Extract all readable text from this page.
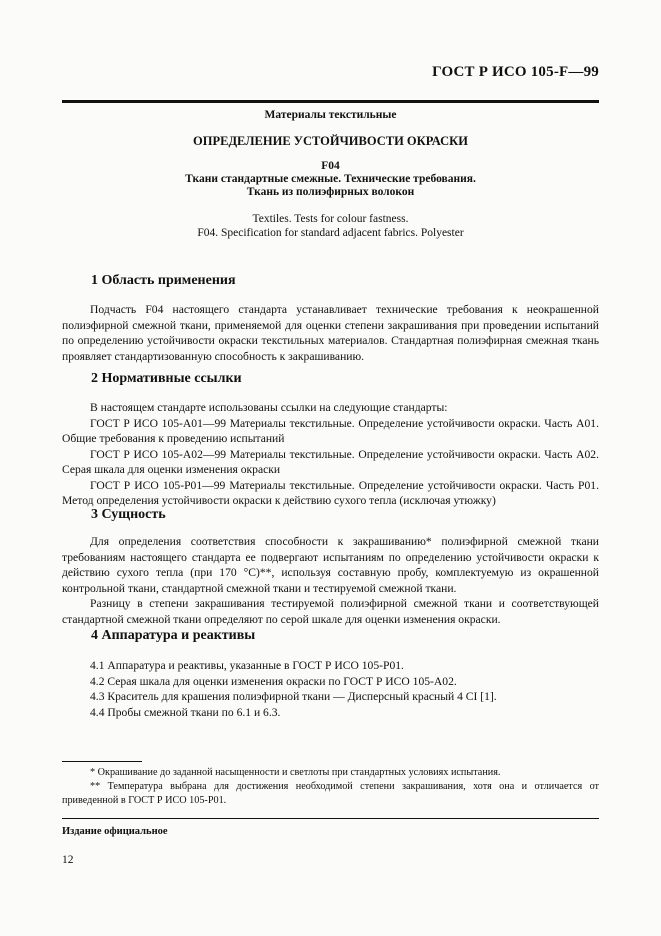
ГОСТ Р ИСО 105-F—99
Материалы текстильные
ОПРЕДЕЛЕНИЕ УСТОЙЧИВОСТИ ОКРАСКИ
F04
Ткани стандартные смежные. Технические требования.
Ткань из полиэфирных волокон
Textiles. Tests for colour fastness.
F04. Specification for standard adjacent fabrics. Polyester
1 Область применения

Подчасть F04 настоящего стандарта устанавливает технические требования к неокрашенной полиэфирной смежной ткани, применяемой для оценки степени закрашивания при проведении испытаний по определению устойчивости окраски текстильных материалов. Стандартная полиэфирная смежная ткань проявляет стандартизованную способность к закрашиванию.

2 Нормативные ссылки

В настоящем стандарте использованы ссылки на следующие стандарты:

ГОСТ Р ИСО 105-А01—99 Материалы текстильные. Определение устойчивости окраски. Часть А01. Общие требования к проведению испытаний

ГОСТ Р ИСО 105-А02—99 Материалы текстильные. Определение устойчивости окраски. Часть А02. Серая шкала для оценки изменения окраски

ГОСТ Р ИСО 105-Р01—99 Материалы текстильные. Определение устойчивости окраски. Часть Р01. Метод определения устойчивости окраски к действию сухого тепла (исключая утюжку)

3 Сущность

Для определения соответствия способности к закрашиванию* полиэфирной смежной ткани требованиям настоящего стандарта ее подвергают испытаниям по определению устойчивости окраски к действию сухого тепла (при 170 °С)**, используя составную пробу, комплектуемую из окрашенной контрольной ткани, стандартной смежной ткани и тестируемой смежной ткани.

Разницу в степени закрашивания тестируемой полиэфирной смежной ткани и соответствующей стандартной смежной ткани определяют по серой шкале для оценки изменения окраски.

4 Аппаратура и реактивы

4.1 Аппаратура и реактивы, указанные в ГОСТ Р ИСО 105-Р01.

4.2 Серая шкала для оценки изменения окраски по ГОСТ Р ИСО 105-А02.

4.3 Краситель для крашения полиэфирной ткани — Дисперсный красный 4 CI [1].

4.4 Пробы смежной ткани по 6.1 и 6.3.

* Окрашивание до заданной насыщенности и светлоты при стандартных условиях испытания.

** Температура выбрана для достижения необходимой степени закрашивания, хотя она и отличается от приведенной в ГОСТ Р ИСО 105-Р01.

Издание официальное
12
